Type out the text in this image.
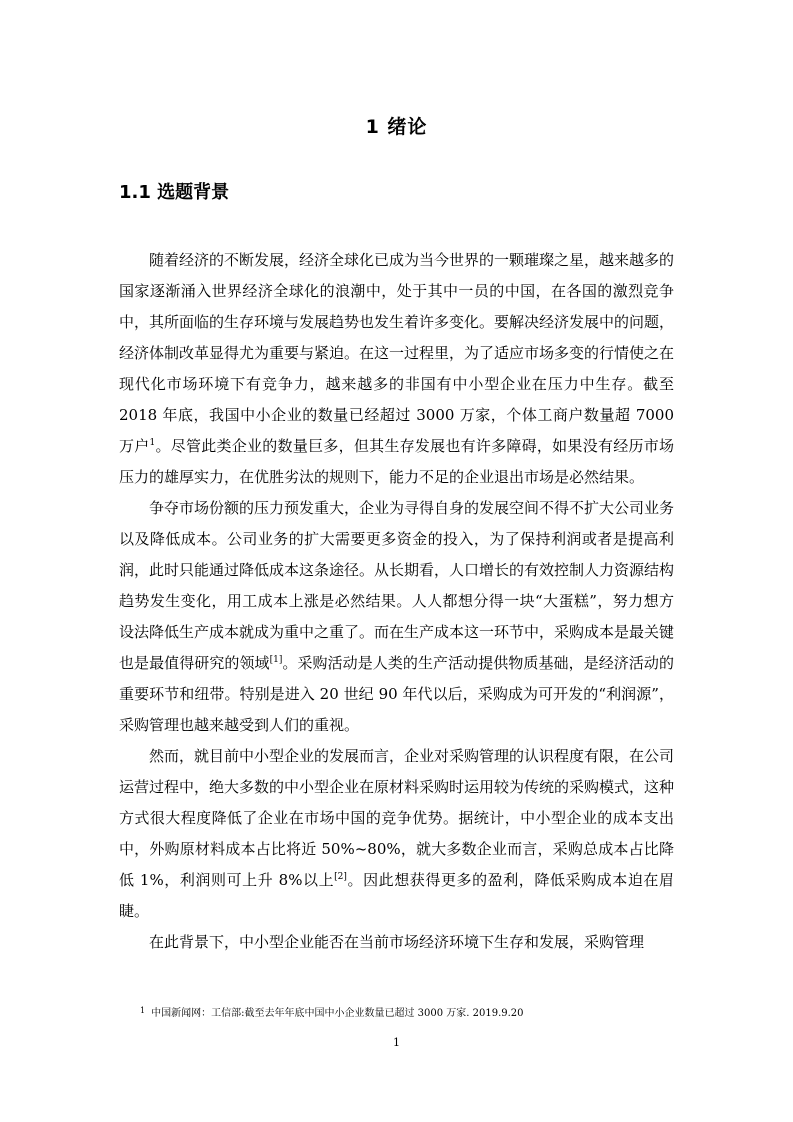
1 绪论
1.1 选题背景

随着经济的不断发展，经济全球化已成为当今世界的一颗璀璨之星，越来越多的国家逐渐涌入世界经济全球化的浪潮中，处于其中一员的中国，在各国的激烈竞争中，其所面临的生存环境与发展趋势也发生着许多变化。要解决经济发展中的问题，经济体制改革显得尤为重要与紧迫。在这一过程里，为了适应市场多变的行情使之在现代化市场环境下有竞争力，越来越多的非国有中小型企业在压力中生存。截至 2018 年底，我国中小企业的数量已经超过 3000 万家，个体工商户数量超 7000 万户$^1$。尽管此类企业的数量巨多，但其生存发展也有许多障碍，如果没有经历市场压力的雄厚实力，在优胜劣汰的规则下，能力不足的企业退出市场是必然结果。

争夺市场份额的压力预发重大，企业为寻得自身的发展空间不得不扩大公司业务以及降低成本。公司业务的扩大需要更多资金的投入，为了保持利润或者是提高利润，此时只能通过降低成本这条途径。从长期看，人口增长的有效控制人力资源结构趋势发生变化，用工成本上涨是必然结果。人人都想分得一块“大蛋糕”，努力想方设法降低生产成本就成为重中之重了。而在生产成本这一环节中，采购成本是最关键也是最值得研究的领域[1]。采购活动是人类的生产活动提供物质基础，是经济活动的重要环节和纽带。特别是进入 20 世纪 90 年代以后，采购成为可开发的“利润源”，采购管理也越来越受到人们的重视。

然而，就目前中小型企业的发展而言，企业对采购管理的认识程度有限，在公司运营过程中，绝大多数的中小型企业在原材料采购时运用较为传统的采购模式，这种方式很大程度降低了企业在市场中国的竞争优势。据统计，中小型企业的成本支出中，外购原材料成本占比将近 50%~80%，就大多数企业而言，采购总成本占比降低 1%，利润则可上升 8%以上[2]。因此想获得更多的盈利，降低采购成本迫在眉睫。

在此背景下，中小型企业能否在当前市场经济环境下生存和发展，采购管理

$^1$ 中国新闻网：工信部:截至去年年底中国中小企业数量已超过 3000 万家. 2019.9.20
1
